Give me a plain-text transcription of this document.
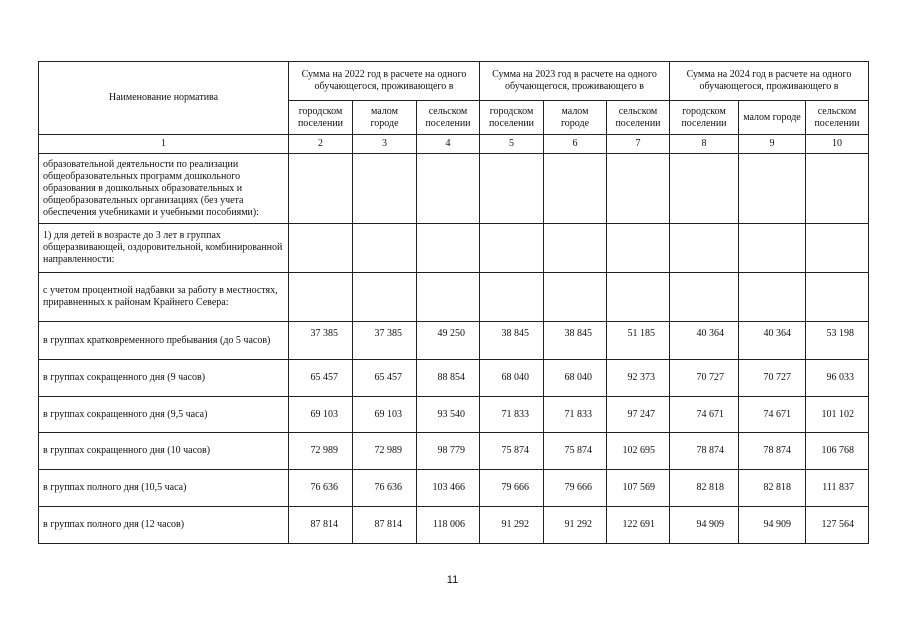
Наименование норматива	Сумма на 2022 год в расчете на одного обучающегося, проживающего в			Сумма на 2023 год в расчете на одного обучающегося, проживающего в			Сумма на 2024 год в расчете на одного обучающегося, проживающего в		
	городском поселении	малом городе	сельском поселении	городском поселении	малом городе	сельском поселении	городском поселении	малом городе	сельском поселении
1	2	3	4	5	6	7	8	9	10
образовательной деятельности по реализации общеобразовательных программ дошкольного образования в дошкольных образовательных и общеобразовательных организациях (без учета обеспечения учебниками и учебными пособиями):									
1) для детей в возрасте до 3 лет в группах общеразвивающей, оздоровительной, комбинированной направленности:									
с учетом процентной надбавки за работу в местностях, приравненных к районам Крайнего Севера:									
в группах кратковременного пребывания (до 5 часов)	37 385	37 385	49 250	38 845	38 845	51 185	40 364	40 364	53 198
в группах сокращенного дня (9 часов)	65 457	65 457	88 854	68 040	68 040	92 373	70 727	70 727	96 033
в группах сокращенного дня (9,5 часа)	69 103	69 103	93 540	71 833	71 833	97 247	74 671	74 671	101 102
в группах сокращенного дня (10 часов)	72 989	72 989	98 779	75 874	75 874	102 695	78 874	78 874	106 768
в группах полного дня (10,5 часа)	76 636	76 636	103 466	79 666	79 666	107 569	82 818	82 818	111 837
в группах полного дня (12 часов)	87 814	87 814	118 006	91 292	91 292	122 691	94 909	94 909	127 564
11
